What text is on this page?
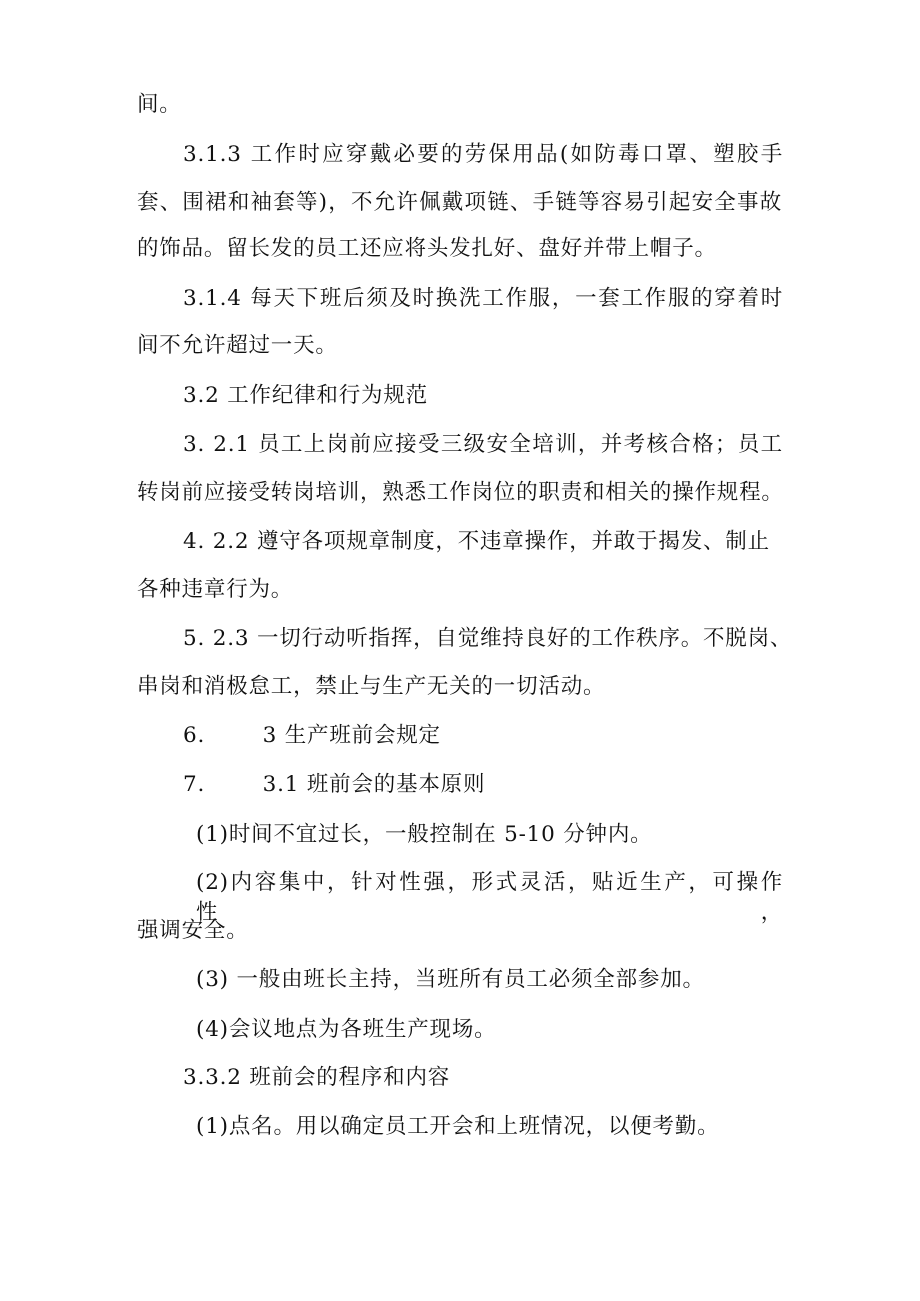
间。
3.1.3 工作时应穿戴必要的劳保用品(如防毒口罩、塑胶手
套、围裙和袖套等)，不允许佩戴项链、手链等容易引起安全事故
的饰品。留长发的员工还应将头发扎好、盘好并带上帽子。
3.1.4 每天下班后须及时换洗工作服，一套工作服的穿着时
间不允许超过一天。
3.2 工作纪律和行为规范
3. 2.1 员工上岗前应接受三级安全培训，并考核合格；员工
转岗前应接受转岗培训，熟悉工作岗位的职责和相关的操作规程。
4. 2.2 遵守各项规章制度，不违章操作，并敢于揭发、制止
各种违章行为。
5. 2.3 一切行动听指挥，自觉维持良好的工作秩序。不脱岗、
串岗和消极怠工，禁止与生产无关的一切活动。
6.	3 生产班前会规定
7.	3.1 班前会的基本原则
(1)时间不宜过长，一般控制在 5-10 分钟内。
(2)内容集中，针对性强，形式灵活，贴近生产，可操作性，
强调安全。
(3) 一般由班长主持，当班所有员工必须全部参加。
(4)会议地点为各班生产现场。
3.3.2 班前会的程序和内容
(1)点名。用以确定员工开会和上班情况，以便考勤。
